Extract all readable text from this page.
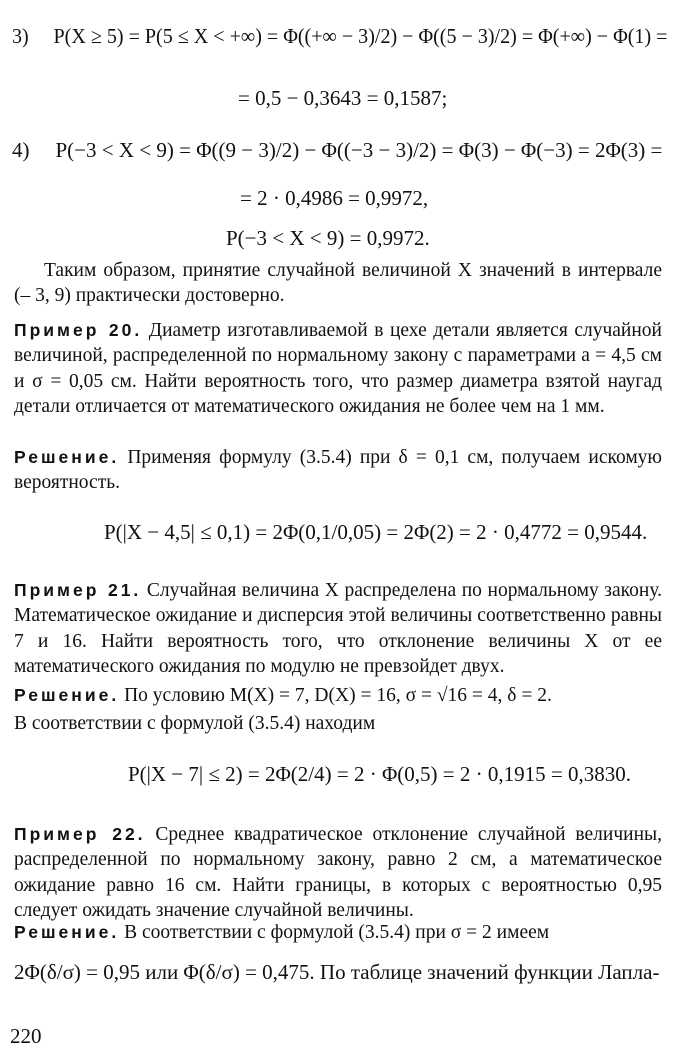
3) P(X ≥ 5) = P(5 ≤ X < +∞) = Φ((+∞ − 3)/2) − Φ((5 − 3)/2) = Φ(+∞) − Φ(1) =
= 0,5 − 0,3643 = 0,1587;
4) P(−3 < X < 9) = Φ((9 − 3)/2) − Φ((−3 − 3)/2) = Φ(3) − Φ(−3) = 2Φ(3) =
= 2 · 0,4986 = 0,9972,
P(−3 < X < 9) = 0,9972.

Таким образом, принятие случайной величиной X значений в интервале (– 3, 9) практически достоверно.

Пример 20. Диаметр изготавливаемой в цехе детали является случайной величиной, распределенной по нормальному закону с параметрами a = 4,5 см и σ = 0,05 см. Найти вероятность того, что размер диаметра взятой наугад детали отличается от математического ожидания не более чем на 1 мм.

Решение. Применяя формулу (3.5.4) при δ = 0,1 см, получаем искомую вероятность.

P(|X − 4,5| ≤ 0,1) = 2Φ(0,1/0,05) = 2Φ(2) = 2 · 0,4772 = 0,9544.

Пример 21. Случайная величина X распределена по нормальному закону. Математическое ожидание и дисперсия этой величины соответственно равны 7 и 16. Найти вероятность того, что отклонение величины X от ее математического ожидания по модулю не превзойдет двух.

Решение. По условию M(X) = 7, D(X) = 16, σ = √16 = 4, δ = 2.

В соответствии с формулой (3.5.4) находим

P(|X − 7| ≤ 2) = 2Φ(2/4) = 2 · Φ(0,5) = 2 · 0,1915 = 0,3830.

Пример 22. Среднее квадратическое отклонение случайной величины, распределенной по нормальному закону, равно 2 см, а математическое ожидание равно 16 см. Найти границы, в которых с вероятностью 0,95 следует ожидать значение случайной величины.

Решение. В соответствии с формулой (3.5.4) при σ = 2 имеем

2Φ(δ/σ) = 0,95 или Φ(δ/σ) = 0,475. По таблице значений функции Лапла-
220
